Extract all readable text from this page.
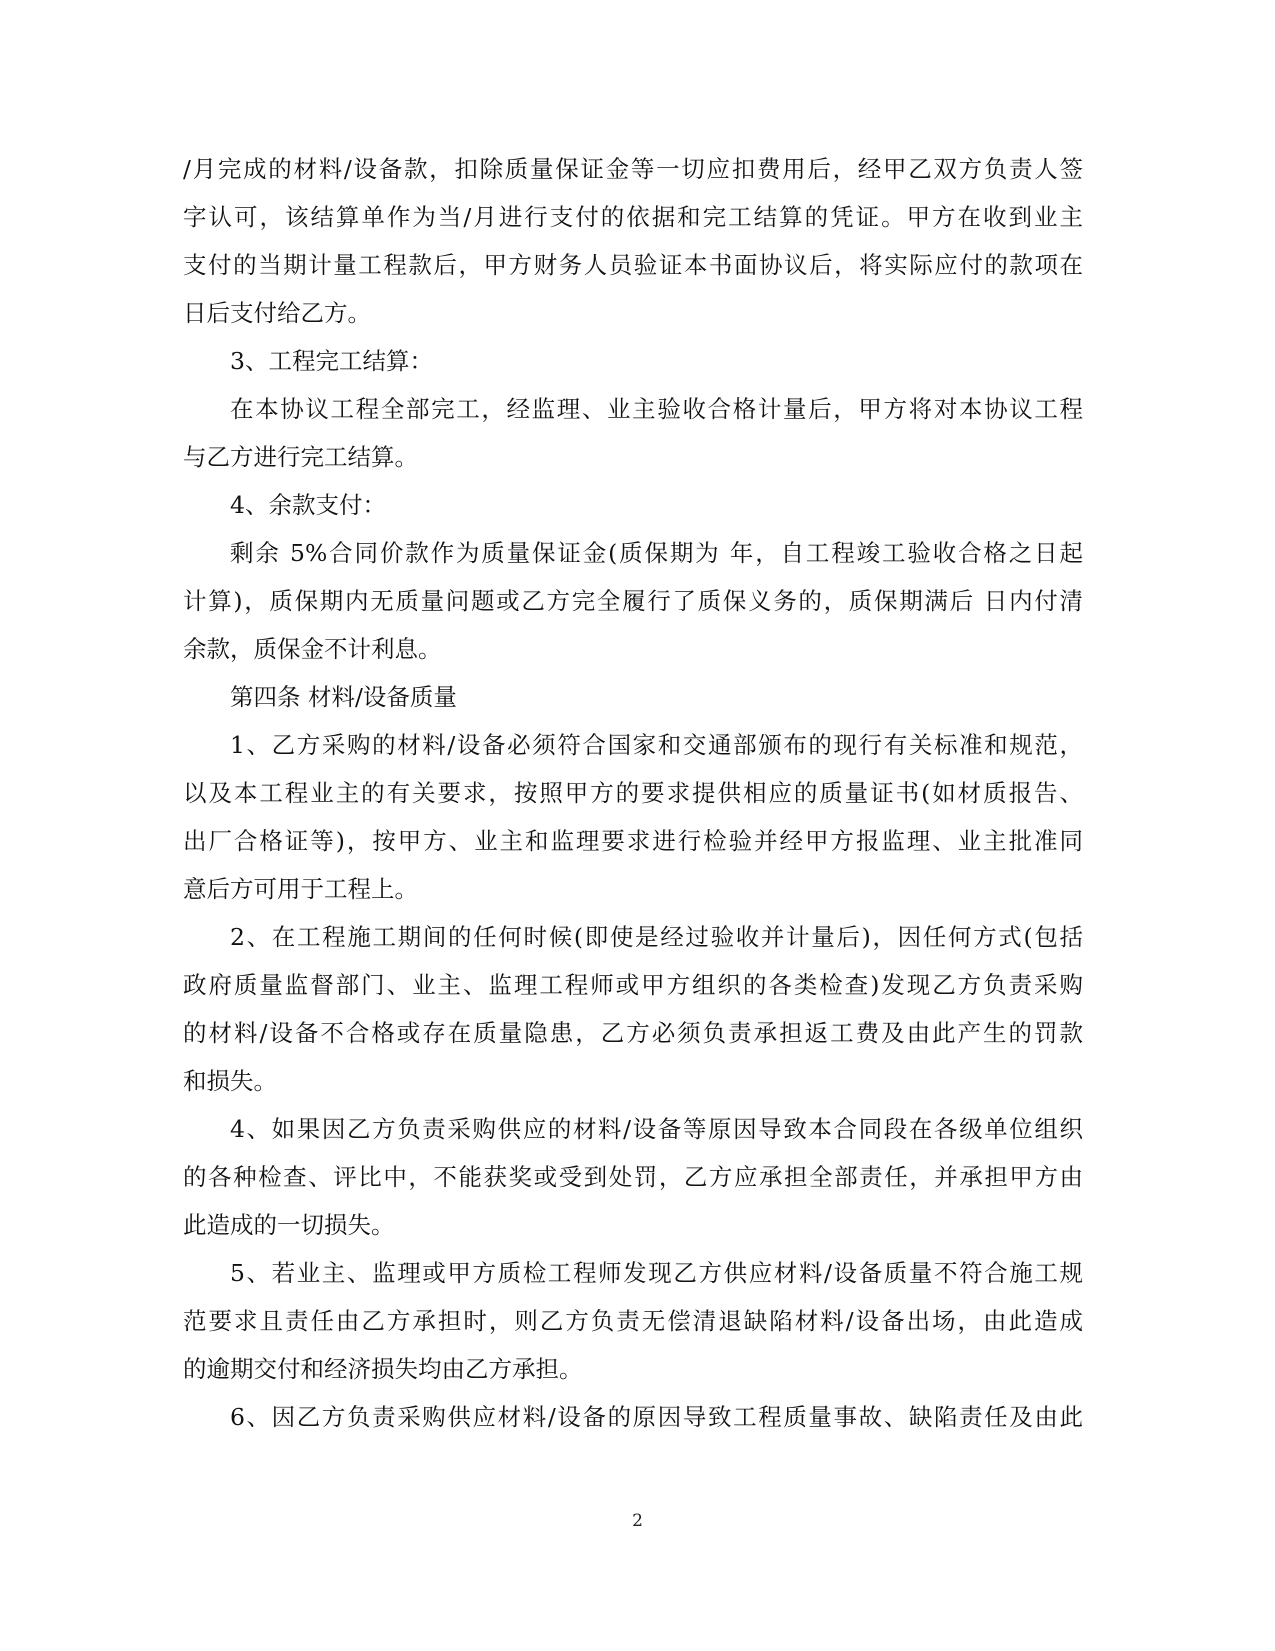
/月完成的材料/设备款，扣除质量保证金等一切应扣费用后，经甲乙双方负责人签
字认可，该结算单作为当/月进行支付的依据和完工结算的凭证。甲方在收到业主
支付的当期计量工程款后，甲方财务人员验证本书面协议后，将实际应付的款项在
日后支付给乙方。
3、工程完工结算：
在本协议工程全部完工，经监理、业主验收合格计量后，甲方将对本协议工程
与乙方进行完工结算。
4、余款支付：
剩余 5%合同价款作为质量保证金(质保期为 年，自工程竣工验收合格之日起
计算)，质保期内无质量问题或乙方完全履行了质保义务的，质保期满后 日内付清
余款，质保金不计利息。
第四条 材料/设备质量
1、乙方采购的材料/设备必须符合国家和交通部颁布的现行有关标准和规范，
以及本工程业主的有关要求，按照甲方的要求提供相应的质量证书(如材质报告、
出厂合格证等)，按甲方、业主和监理要求进行检验并经甲方报监理、业主批准同
意后方可用于工程上。
2、在工程施工期间的任何时候(即使是经过验收并计量后)，因任何方式(包括
政府质量监督部门、业主、监理工程师或甲方组织的各类检查)发现乙方负责采购
的材料/设备不合格或存在质量隐患，乙方必须负责承担返工费及由此产生的罚款
和损失。
4、如果因乙方负责采购供应的材料/设备等原因导致本合同段在各级单位组织
的各种检查、评比中，不能获奖或受到处罚，乙方应承担全部责任，并承担甲方由
此造成的一切损失。
5、若业主、监理或甲方质检工程师发现乙方供应材料/设备质量不符合施工规
范要求且责任由乙方承担时，则乙方负责无偿清退缺陷材料/设备出场，由此造成
的逾期交付和经济损失均由乙方承担。
6、因乙方负责采购供应材料/设备的原因导致工程质量事故、缺陷责任及由此
2
